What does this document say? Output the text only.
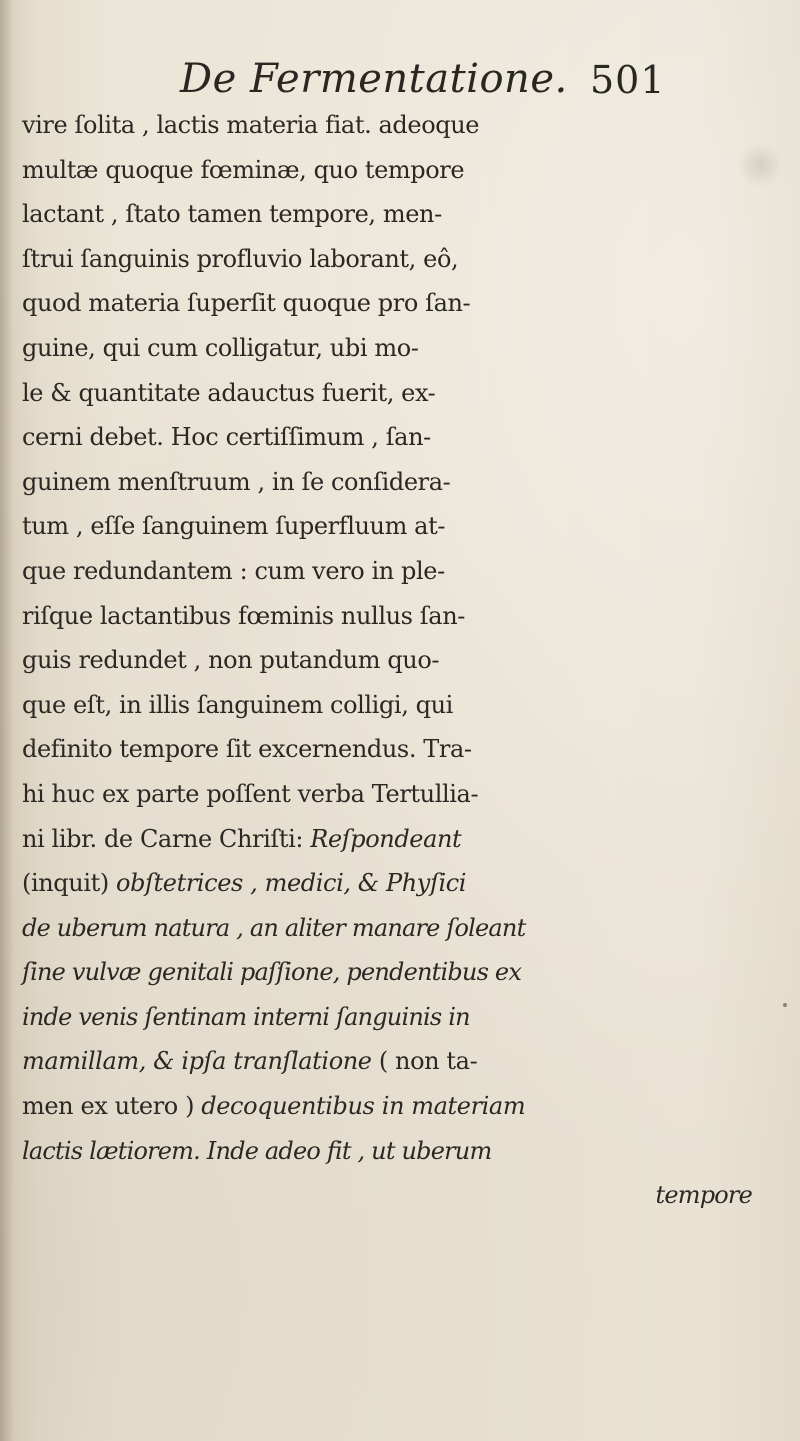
De Fermentatione. 501
vire ſolita , lactis materia fiat. adeoque
multæ quoque fœminæ, quo tempore
lactant , ſtato tamen tempore, men-
ſtrui ſanguinis profluvio laborant, eô,
quod materia ſuperſit quoque pro ſan-
guine, qui cum colligatur, ubi mo-
le & quantitate adauctus fuerit, ex-
cerni debet. Hoc certiſſimum , ſan-
guinem menſtruum , in ſe conſidera-
tum , eſſe ſanguinem ſuperfluum at-
que redundantem : cum vero in ple-
riſque lactantibus fœminis nullus ſan-
guis redundet , non putandum quo-
que eſt, in illis ſanguinem colligi, qui
definito tempore ſit excernendus. Tra-
hi huc ex parte poſſent verba Tertullia-
ni libr. de Carne Chriſti: Reſpondeant
(inquit) obſtetrices , medici, & Phyſici
de uberum natura , an aliter manare ſoleant
ſine vulvæ genitali paſſione, pendentibus ex
inde venis ſentinam interni ſanguinis in
mamillam, & ipſa tranſlatione ( non ta-
men ex utero ) decoquentibus in materiam
lactis lætiorem. Inde adeo fit , ut uberum
tempore
